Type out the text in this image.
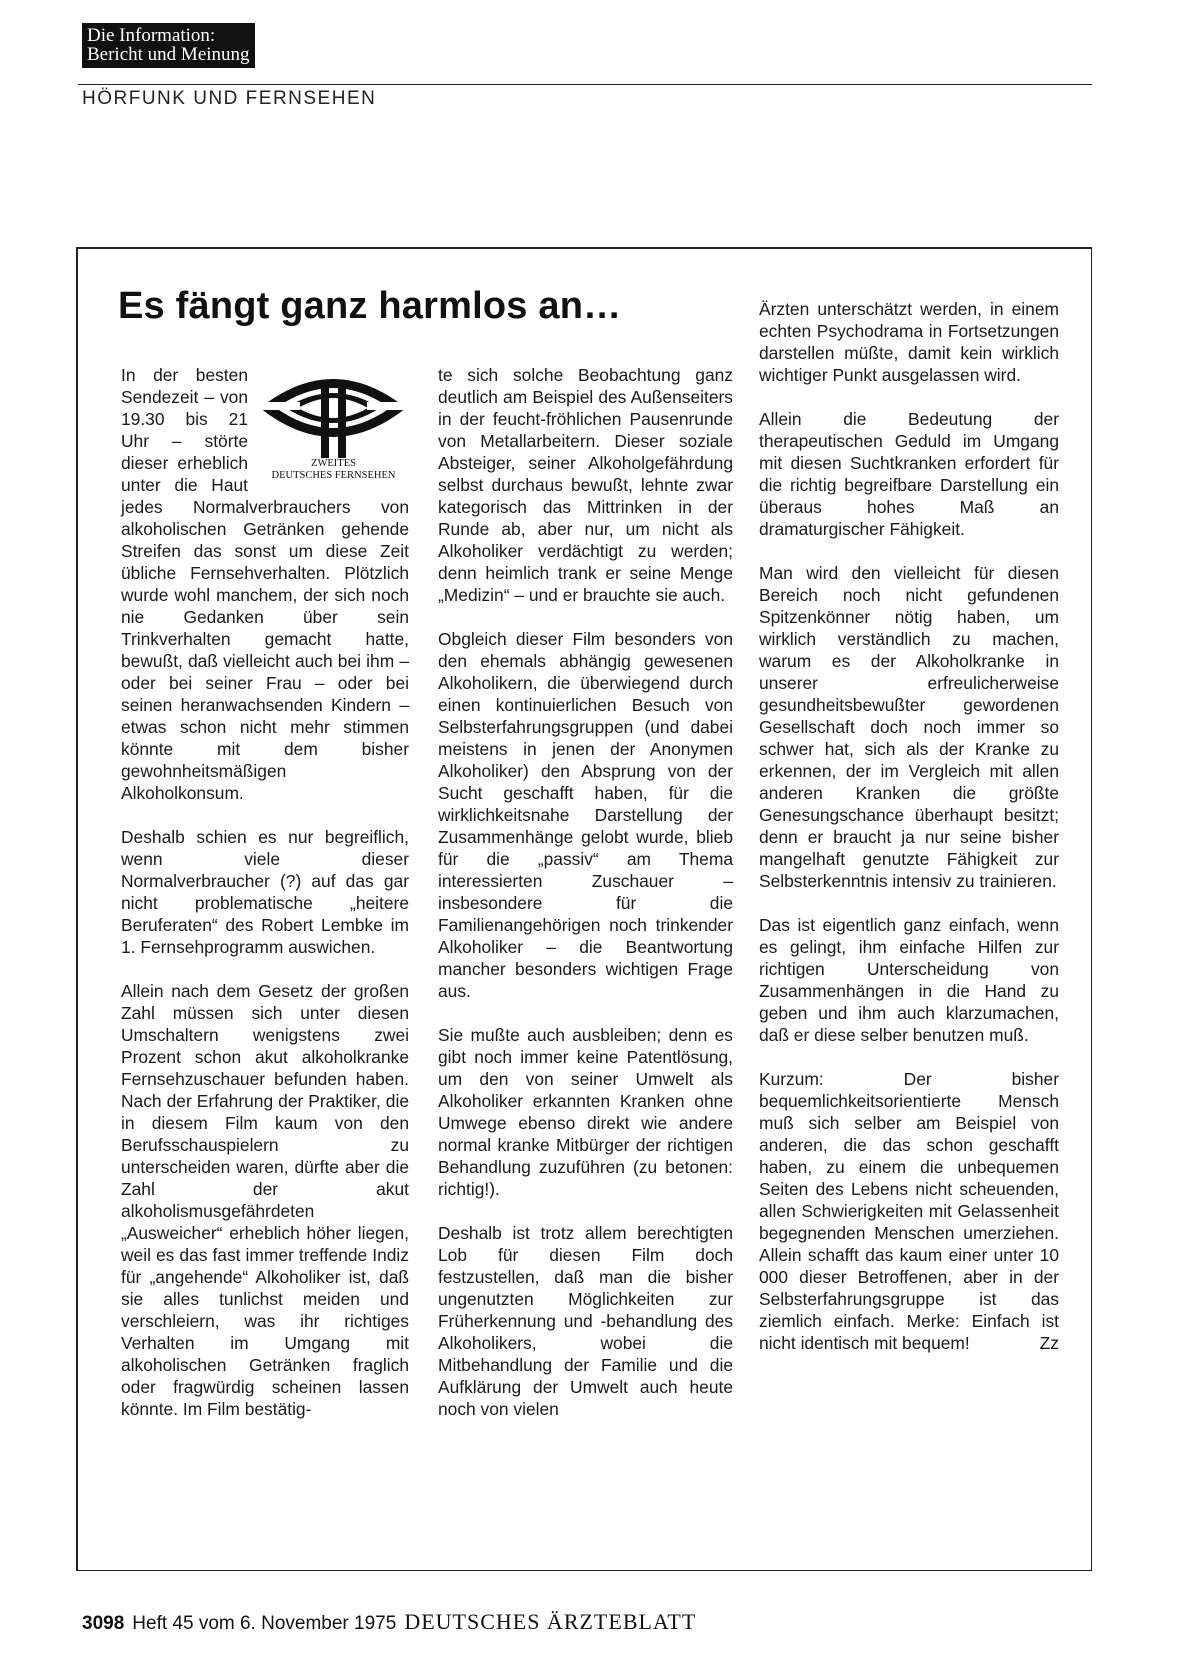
Die Information:
Bericht und Meinung
HÖRFUNK UND FERNSEHEN
Es fängt ganz harmlos an…
ZWEITES
DEUTSCHES FERNSEHEN

In der besten Sendezeit – von 19.30 bis 21 Uhr – störte dieser erheblich unter die Haut jedes Normalverbrauchers von alkoholischen Getränken gehende Streifen das sonst um diese Zeit übliche Fernsehverhalten. Plötzlich wurde wohl manchem, der sich noch nie Gedanken über sein Trinkverhalten gemacht hatte, bewußt, daß vielleicht auch bei ihm – oder bei seiner Frau – oder bei seinen heranwachsenden Kindern – etwas schon nicht mehr stimmen könnte mit dem bisher gewohnheitsmäßigen Alkoholkonsum.

Deshalb schien es nur begreiflich, wenn viele dieser Normalverbraucher (?) auf das gar nicht problematische „heitere Beruferaten“ des Robert Lembke im 1. Fernsehprogramm auswichen.

Allein nach dem Gesetz der großen Zahl müssen sich unter diesen Umschaltern wenigstens zwei Prozent schon akut alkoholkranke Fernsehzuschauer befunden haben. Nach der Erfahrung der Praktiker, die in diesem Film kaum von den Berufsschauspielern zu unterscheiden waren, dürfte aber die Zahl der akut alkoholismusgefährdeten „Ausweicher“ erheblich höher liegen, weil es das fast immer treffende Indiz für „angehende“ Alkoholiker ist, daß sie alles tunlichst meiden und verschleiern, was ihr richtiges Verhalten im Umgang mit alkoholischen Getränken fraglich oder fragwürdig scheinen lassen könnte. Im Film bestätig-

te sich solche Beobachtung ganz deutlich am Beispiel des Außenseiters in der feucht-fröhlichen Pausenrunde von Metallarbeitern. Dieser soziale Absteiger, seiner Alkoholgefährdung selbst durchaus bewußt, lehnte zwar kategorisch das Mittrinken in der Runde ab, aber nur, um nicht als Alkoholiker verdächtigt zu werden; denn heimlich trank er seine Menge „Medizin“ – und er brauchte sie auch.

Obgleich dieser Film besonders von den ehemals abhängig gewesenen Alkoholikern, die überwiegend durch einen kontinuierlichen Besuch von Selbsterfahrungsgruppen (und dabei meistens in jenen der Anonymen Alkoholiker) den Absprung von der Sucht geschafft haben, für die wirklichkeitsnahe Darstellung der Zusammenhänge gelobt wurde, blieb für die „passiv“ am Thema interessierten Zuschauer – insbesondere für die Familienangehörigen noch trinkender Alkoholiker – die Beantwortung mancher besonders wichtigen Frage aus.

Sie mußte auch ausbleiben; denn es gibt noch immer keine Patentlösung, um den von seiner Umwelt als Alkoholiker erkannten Kranken ohne Umwege ebenso direkt wie andere normal kranke Mitbürger der richtigen Behandlung zuzuführen (zu betonen: richtig!).

Deshalb ist trotz allem berechtigten Lob für diesen Film doch festzustellen, daß man die bisher ungenutzten Möglichkeiten zur Früherkennung und -behandlung des Alkoholikers, wobei die Mitbehandlung der Familie und die Aufklärung der Umwelt auch heute noch von vielen

Ärzten unterschätzt werden, in einem echten Psychodrama in Fortsetzungen darstellen müßte, damit kein wirklich wichtiger Punkt ausgelassen wird.

Allein die Bedeutung der therapeutischen Geduld im Umgang mit diesen Suchtkranken erfordert für die richtig begreifbare Darstellung ein überaus hohes Maß an dramaturgischer Fähigkeit.

Man wird den vielleicht für diesen Bereich noch nicht gefundenen Spitzenkönner nötig haben, um wirklich verständlich zu machen, warum es der Alkoholkranke in unserer erfreulicherweise gesundheitsbewußter gewordenen Gesellschaft doch noch immer so schwer hat, sich als der Kranke zu erkennen, der im Vergleich mit allen anderen Kranken die größte Genesungschance überhaupt besitzt; denn er braucht ja nur seine bisher mangelhaft genutzte Fähigkeit zur Selbsterkenntnis intensiv zu trainieren.

Das ist eigentlich ganz einfach, wenn es gelingt, ihm einfache Hilfen zur richtigen Unterscheidung von Zusammenhängen in die Hand zu geben und ihm auch klarzumachen, daß er diese selber benutzen muß.

Kurzum: Der bisher bequemlichkeitsorientierte Mensch muß sich selber am Beispiel von anderen, die das schon geschafft haben, zu einem die unbequemen Seiten des Lebens nicht scheuenden, allen Schwierigkeiten mit Gelassenheit begegnenden Menschen umerziehen. Allein schafft das kaum einer unter 10 000 dieser Betroffenen, aber in der Selbsterfahrungsgruppe ist das ziemlich einfach. Merke: Einfach ist nicht identisch mit bequem!	Zz

3098 Heft 45 vom 6. November 1975 DEUTSCHES ÄRZTEBLATT
